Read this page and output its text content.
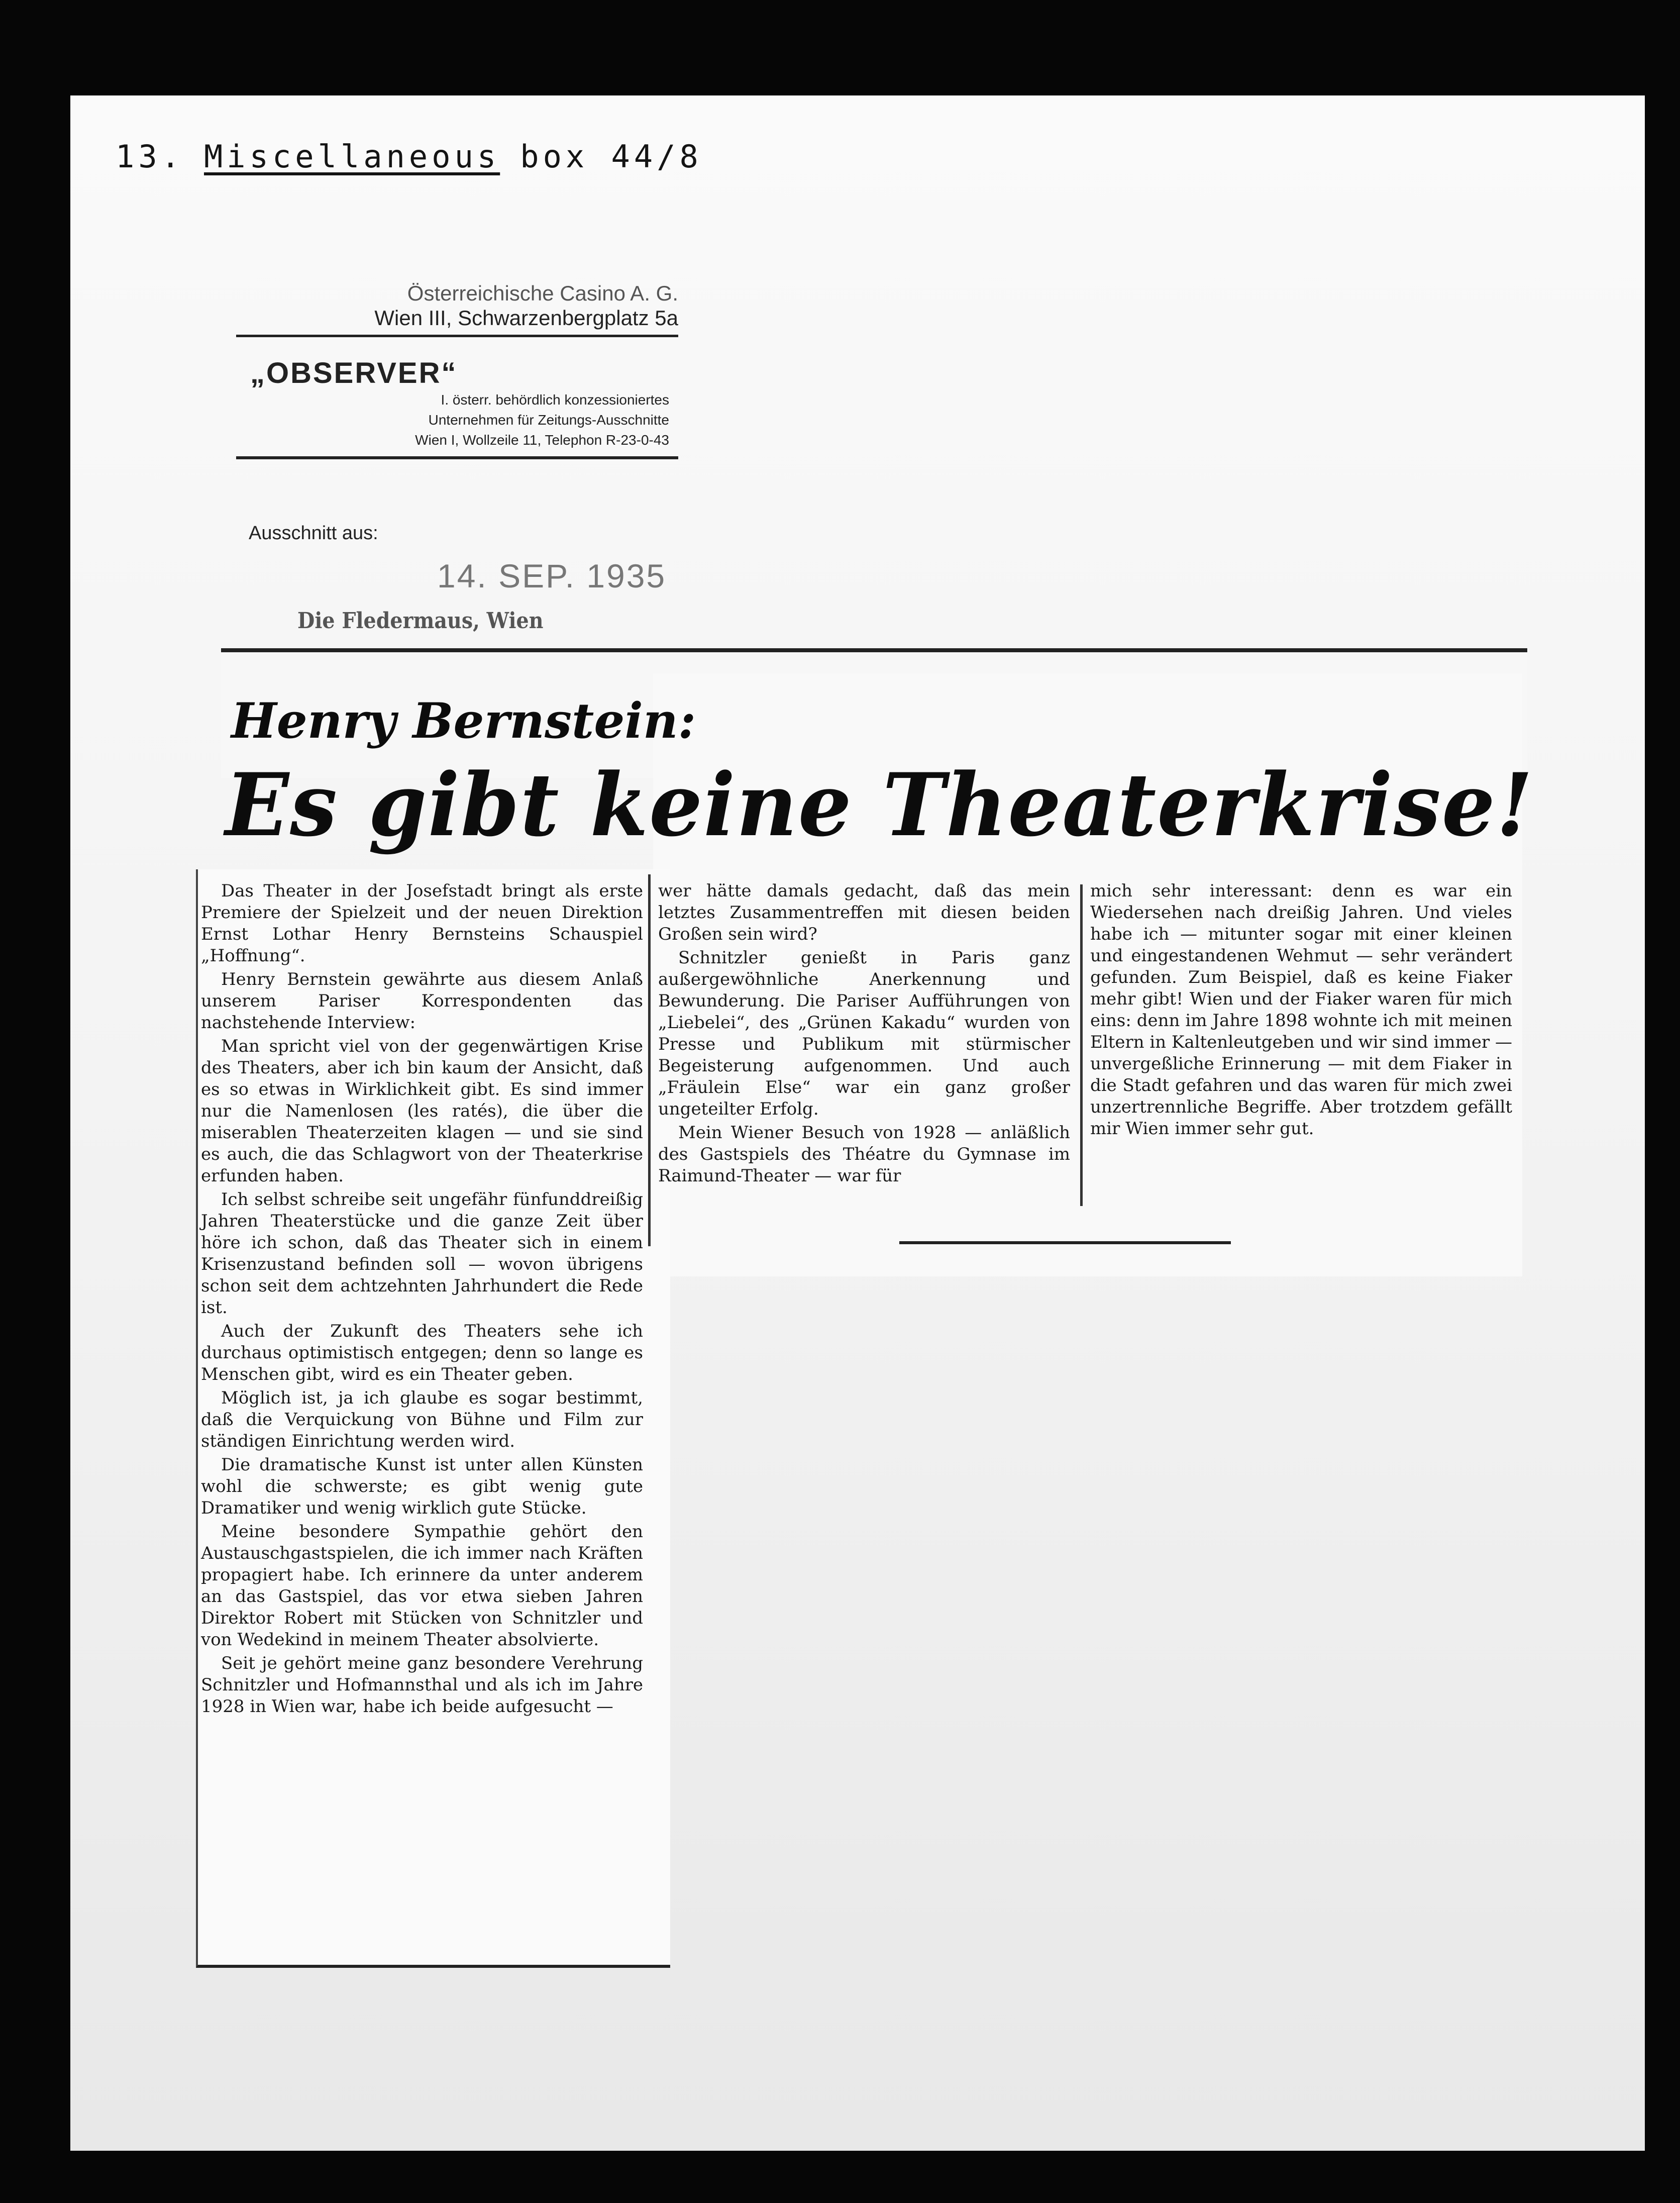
13. Miscellaneous box 44/8
Österreichische Casino A. G.
Wien III, Schwarzenbergplatz 5a
„OBSERVER“
I. österr. behördlich konzessioniertes
Unternehmen für Zeitungs-Ausschnitte
Wien I, Wollzeile 11, Telephon R-23-0-43
Ausschnitt aus:
14. SEP. 1935
Die Fledermaus, Wien
Henry Bernstein:
Es gibt keine Theaterkrise!

Das Theater in der Josefstadt bringt als erste Premiere der Spielzeit und der neuen Direktion Ernst Lothar Henry Bernsteins Schauspiel „Hoffnung“.

Henry Bernstein gewährte aus diesem Anlaß unserem Pariser Korrespondenten das nachstehende Interview:

Man spricht viel von der gegenwärtigen Krise des Theaters, aber ich bin kaum der Ansicht, daß es so etwas in Wirklichkeit gibt. Es sind immer nur die Namenlosen (les ratés), die über die miserablen Theaterzeiten klagen — und sie sind es auch, die das Schlagwort von der Theaterkrise erfunden haben.

Ich selbst schreibe seit ungefähr fünfunddreißig Jahren Theaterstücke und die ganze Zeit über höre ich schon, daß das Theater sich in einem Krisenzustand befinden soll — wovon übrigens schon seit dem achtzehnten Jahrhundert die Rede ist.

Auch der Zukunft des Theaters sehe ich durchaus optimistisch entgegen; denn so lange es Menschen gibt, wird es ein Theater geben.

Möglich ist, ja ich glaube es sogar bestimmt, daß die Verquickung von Bühne und Film zur ständigen Einrichtung werden wird.

Die dramatische Kunst ist unter allen Künsten wohl die schwerste; es gibt wenig gute Dramatiker und wenig wirklich gute Stücke.

Meine besondere Sympathie gehört den Austauschgastspielen, die ich immer nach Kräften propagiert habe. Ich erinnere da unter anderem an das Gastspiel, das vor etwa sieben Jahren Direktor Robert mit Stücken von Schnitzler und von Wedekind in meinem Theater absolvierte.

Seit je gehört meine ganz besondere Verehrung Schnitzler und Hofmannsthal und als ich im Jahre 1928 in Wien war, habe ich beide aufgesucht —

wer hätte damals gedacht, daß das mein letztes Zusammentreffen mit diesen beiden Großen sein wird?

Schnitzler genießt in Paris ganz außergewöhnliche Anerkennung und Bewunderung. Die Pariser Aufführungen von „Liebelei“, des „Grünen Kakadu“ wurden von Presse und Publikum mit stürmischer Begeisterung aufgenommen. Und auch „Fräulein Else“ war ein ganz großer ungeteilter Erfolg.

Mein Wiener Besuch von 1928 — anläßlich des Gastspiels des Théatre du Gymnase im Raimund-Theater — war für

mich sehr interessant: denn es war ein Wiedersehen nach dreißig Jahren. Und vieles habe ich — mitunter sogar mit einer kleinen und eingestandenen Wehmut — sehr verändert gefunden. Zum Beispiel, daß es keine Fiaker mehr gibt! Wien und der Fiaker waren für mich eins: denn im Jahre 1898 wohnte ich mit meinen Eltern in Kaltenleutgeben und wir sind immer — unvergeßliche Erinnerung — mit dem Fiaker in die Stadt gefahren und das waren für mich zwei unzertrennliche Begriffe. Aber trotzdem gefällt mir Wien immer sehr gut.
